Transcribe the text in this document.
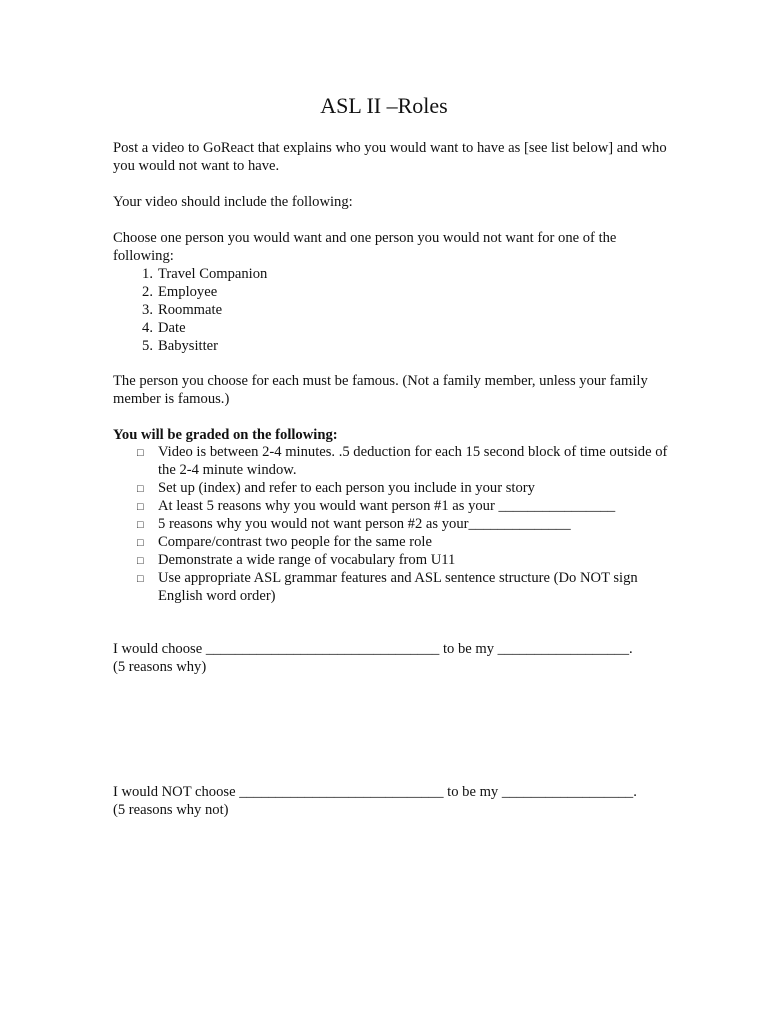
ASL II –Roles

Post a video to GoReact that explains who you would want to have as [see list below] and who you would not want to have.

Your video should include the following:

Choose one person you would want and one person you would not want for one of the following:

1. Travel Companion
2. Employee
3. Roommate
4. Date
5. Babysitter

The person you choose for each must be famous. (Not a family member, unless your family member is famous.)

You will be graded on the following:

□ Video is between 2-4 minutes. .5 deduction for each 15 second block of time outside of the 2-4 minute window.
□ Set up (index) and refer to each person you include in your story
□ At least 5 reasons why you would want person #1 as your ________________
□ 5 reasons why you would not want person #2 as your______________
□ Compare/contrast two people for the same role
□ Demonstrate a wide range of vocabulary from U11
□ Use appropriate ASL grammar features and ASL sentence structure (Do NOT sign English word order)

I would choose ________________________________ to be my __________________.

(5 reasons why)

I would NOT choose ____________________________ to be my __________________.

(5 reasons why not)
